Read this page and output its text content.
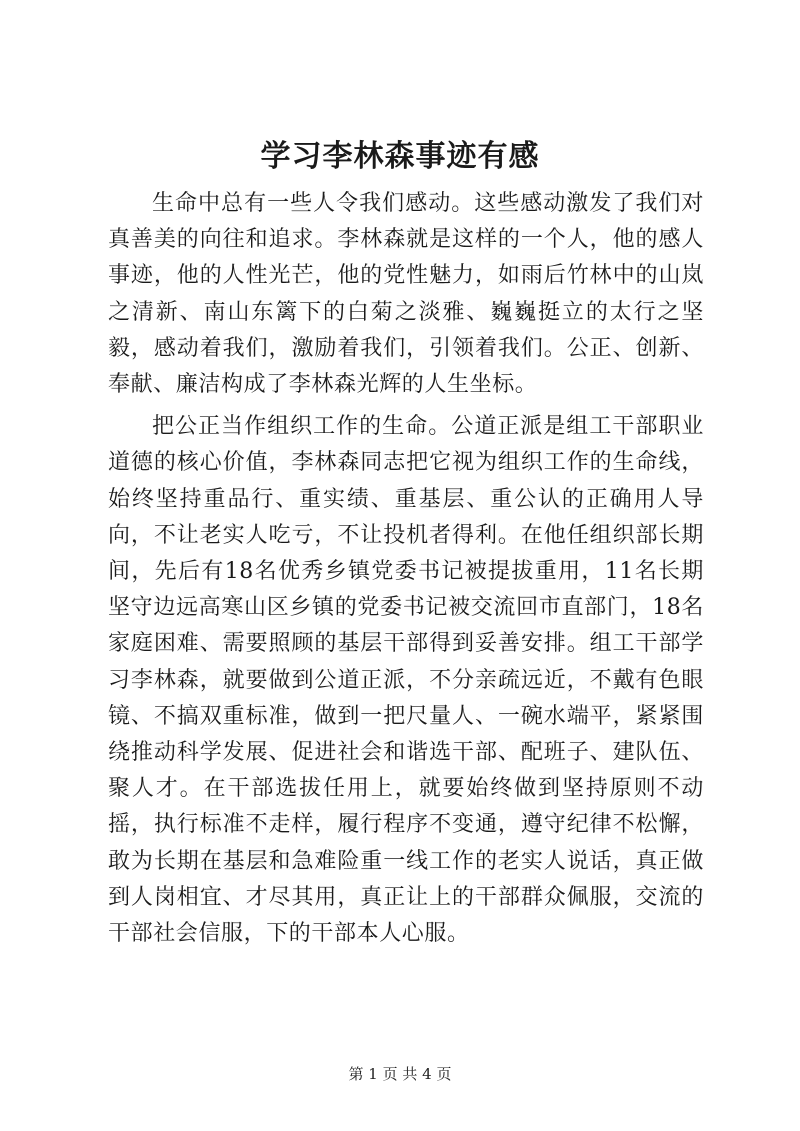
学习李林森事迹有感

生命中总有一些人令我们感动。这些感动激发了我们对真善美的向往和追求。李林森就是这样的一个人，他的感人事迹，他的人性光芒，他的党性魅力，如雨后竹林中的山岚之清新、南山东篱下的白菊之淡雅、巍巍挺立的太行之坚毅，感动着我们，激励着我们，引领着我们。公正、创新、奉献、廉洁构成了李林森光辉的人生坐标。

把公正当作组织工作的生命。公道正派是组工干部职业道德的核心价值，李林森同志把它视为组织工作的生命线，始终坚持重品行、重实绩、重基层、重公认的正确用人导向，不让老实人吃亏，不让投机者得利。在他任组织部长期间，先后有18名优秀乡镇党委书记被提拔重用，11名长期坚守边远高寒山区乡镇的党委书记被交流回市直部门，18名家庭困难、需要照顾的基层干部得到妥善安排。组工干部学习李林森，就要做到公道正派，不分亲疏远近，不戴有色眼镜、不搞双重标准，做到一把尺量人、一碗水端平，紧紧围绕推动科学发展、促进社会和谐选干部、配班子、建队伍、聚人才。在干部选拔任用上，就要始终做到坚持原则不动摇，执行标准不走样，履行程序不变通，遵守纪律不松懈，敢为长期在基层和急难险重一线工作的老实人说话，真正做到人岗相宜、才尽其用，真正让上的干部群众佩服，交流的干部社会信服，下的干部本人心服。

第 1 页 共 4 页
